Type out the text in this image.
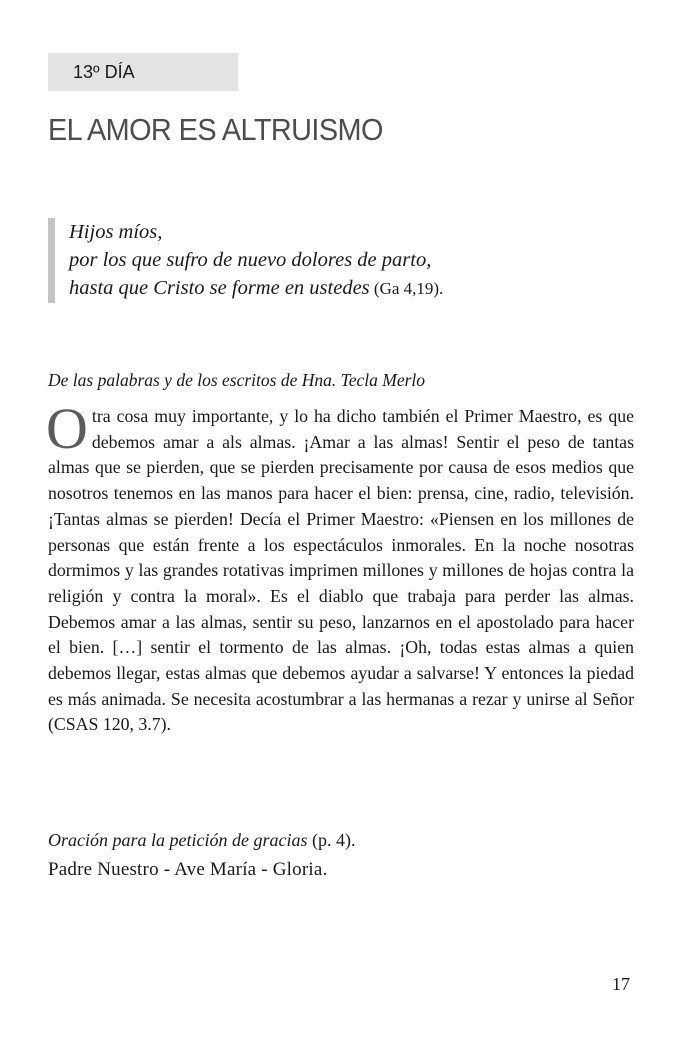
13º DÍA
EL AMOR ES ALTRUISMO
Hijos míos,
por los que sufro de nuevo dolores de parto,
hasta que Cristo se forme en ustedes (Ga 4,19).

De las palabras y de los escritos de Hna. Tecla Merlo

Otra cosa muy importante, y lo ha dicho también el Primer Maestro, es que debemos amar a als almas. ¡Amar a las almas! Sentir el peso de tantas almas que se pierden, que se pierden precisamente por causa de esos medios que nosotros tenemos en las manos para hacer el bien: prensa, cine, radio, televisión. ¡Tantas almas se pierden! Decía el Primer Maestro: «Piensen en los millones de personas que están frente a los espectáculos inmorales. En la noche nosotras dormimos y las grandes rotativas imprimen millones y millones de hojas contra la religión y contra la moral». Es el diablo que trabaja para perder las almas. Debemos amar a las almas, sentir su peso, lanzarnos en el apostolado para hacer el bien. […] sentir el tormento de las almas. ¡Oh, todas estas almas a quien debemos llegar, estas almas que debemos ayudar a salvarse! Y entonces la piedad es más animada. Se necesita acostumbrar a las hermanas a rezar y unirse al Señor (CSAS 120, 3.7).

Oración para la petición de gracias (p. 4).
Padre Nuestro - Ave María - Gloria.
17
